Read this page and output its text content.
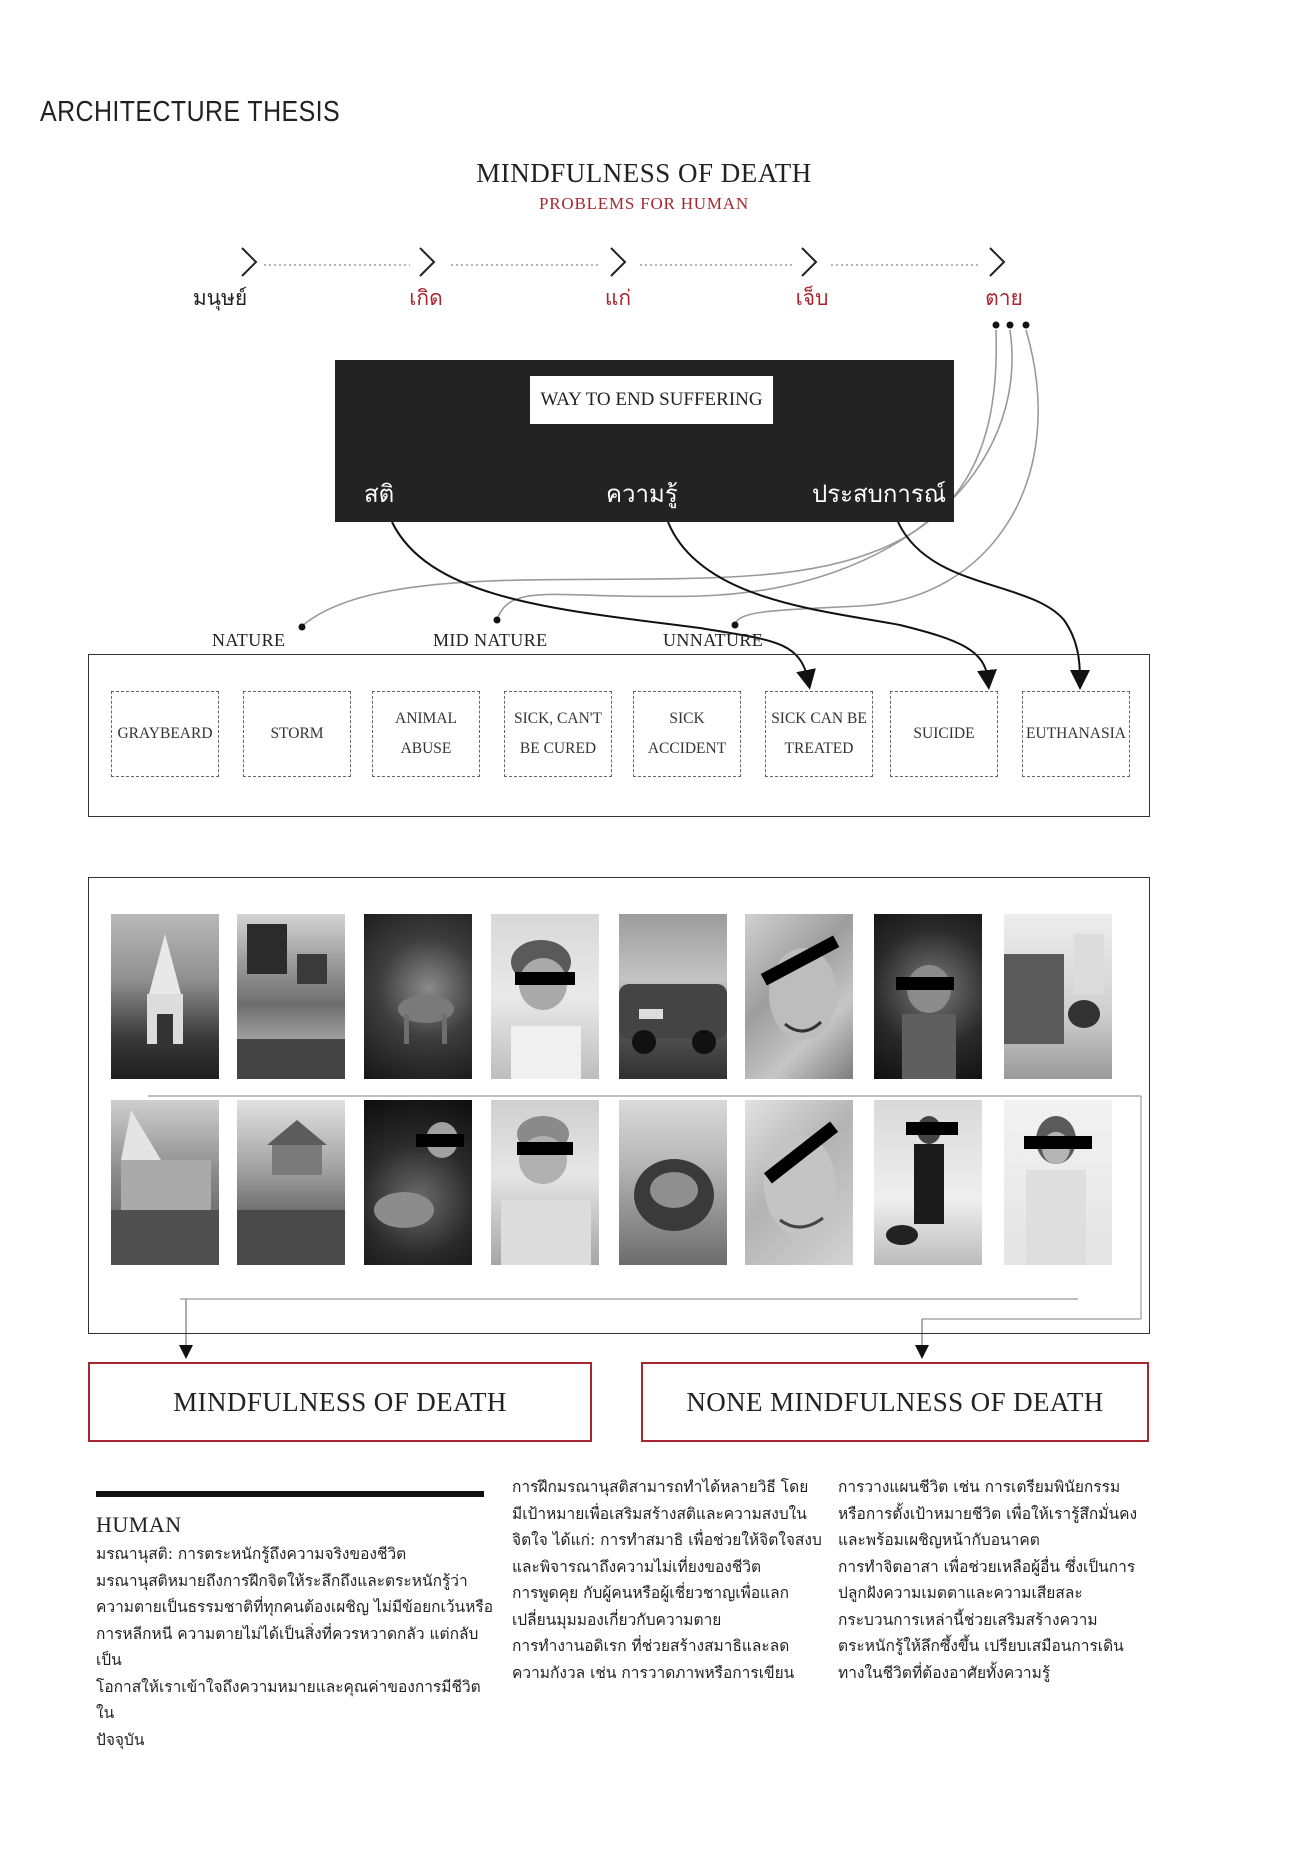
ARCHITECTURE THESIS
MINDFULNESS OF DEATH
PROBLEMS FOR HUMAN
มนุษย์	เกิด	แก่	เจ็บ	ตาย
WAY TO END SUFFERING
สติ	ความรู้	ประสบการณ์
NATURE	MID NATURE	UNNATURE
GRAYBEARD	STORM
ANIMAL ABUSE
SICK, CAN'T BE CURED
SICK ACCIDENT
SICK CAN BE TREATED
SUICIDE	EUTHANASIA
MINDFULNESS OF DEATH	NONE MINDFULNESS OF DEATH
HUMAN

มรณานุสติ: การตระหนักรู้ถึงความจริงของชีวิต

มรณานุสติหมายถึงการฝึกจิตให้ระลึกถึงและตระหนักรู้ว่า

ความตายเป็นธรรมชาติที่ทุกคนต้องเผชิญ ไม่มีข้อยกเว้นหรือ

การหลีกหนี ความตายไม่ได้เป็นสิ่งที่ควรหวาดกลัว แต่กลับเป็น

โอกาสให้เราเข้าใจถึงความหมายและคุณค่าของการมีชีวิตใน

ปัจจุบัน

การฝึกมรณานุสติสามารถทำได้หลายวิธี โดย

มีเป้าหมายเพื่อเสริมสร้างสติและความสงบใน

จิตใจ ได้แก่: การทำสมาธิ เพื่อช่วยให้จิตใจสงบ

และพิจารณาถึงความไม่เที่ยงของชีวิต

การพูดคุย กับผู้คนหรือผู้เชี่ยวชาญเพื่อแลก

เปลี่ยนมุมมองเกี่ยวกับความตาย

การทำงานอดิเรก ที่ช่วยสร้างสมาธิและลด

ความกังวล เช่น การวาดภาพหรือการเขียน

การวางแผนชีวิต เช่น การเตรียมพินัยกรรม

หรือการตั้งเป้าหมายชีวิต เพื่อให้เรารู้สึกมั่นคง

และพร้อมเผชิญหน้ากับอนาคต

การทำจิตอาสา เพื่อช่วยเหลือผู้อื่น ซึ่งเป็นการ

ปลูกฝังความเมตตาและความเสียสละ

กระบวนการเหล่านี้ช่วยเสริมสร้างความ

ตระหนักรู้ให้ลึกซึ้งขึ้น เปรียบเสมือนการเดิน

ทางในชีวิตที่ต้องอาศัยทั้งความรู้
